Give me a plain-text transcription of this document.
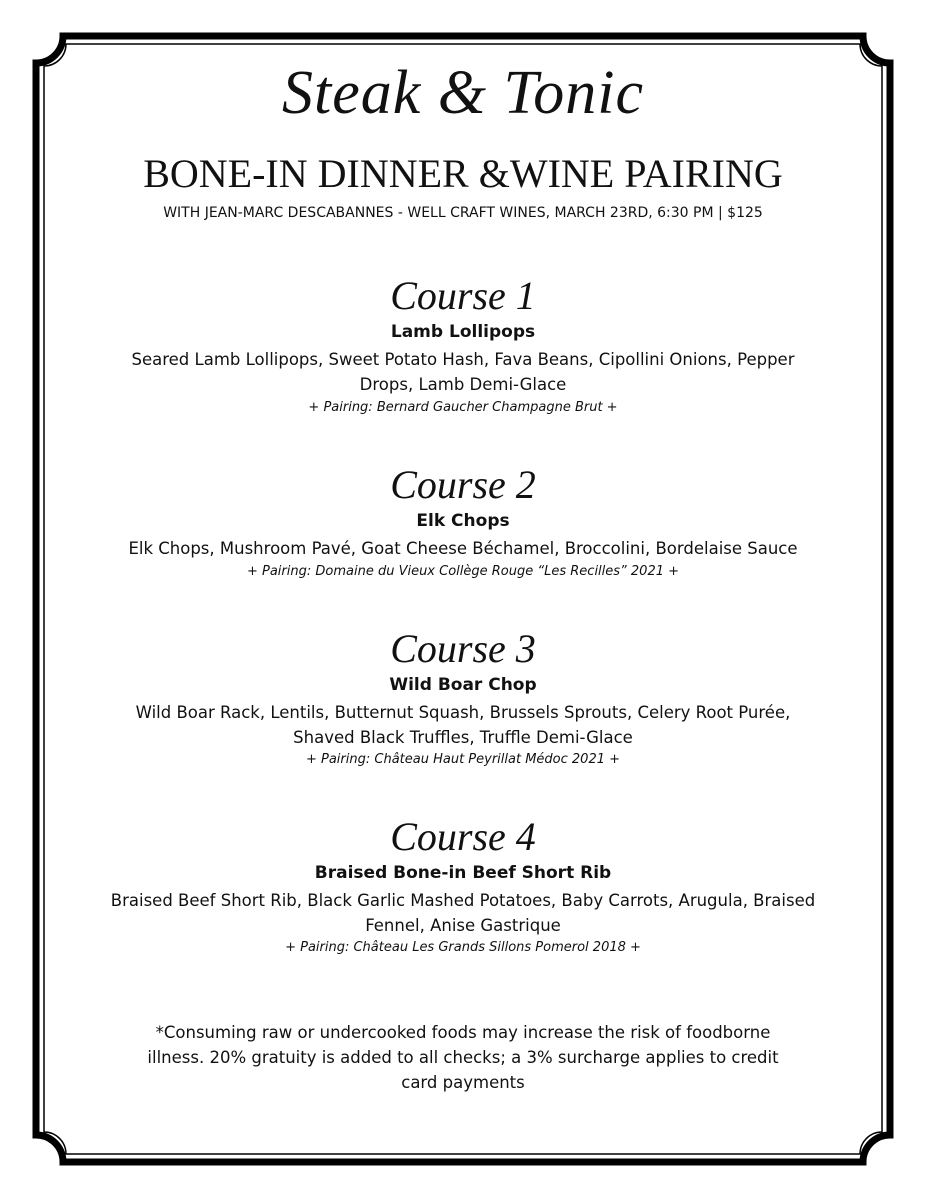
Steak & Tonic
BONE-IN DINNER &WINE PAIRING
WITH JEAN-MARC DESCABANNES - WELL CRAFT WINES, MARCH 23RD, 6:30 PM | $125
Course 1
Lamb Lollipops
Seared Lamb Lollipops, Sweet Potato Hash, Fava Beans, Cipollini Onions, Pepper Drops, Lamb Demi-Glace
+ Pairing: Bernard Gaucher Champagne Brut +
Course 2
Elk Chops
Elk Chops, Mushroom Pavé, Goat Cheese Béchamel, Broccolini, Bordelaise Sauce
+ Pairing: Domaine du Vieux Collège Rouge “Les Recilles” 2021 +
Course 3
Wild Boar Chop
Wild Boar Rack, Lentils, Butternut Squash, Brussels Sprouts, Celery Root Purée, Shaved Black Truffles, Truffle Demi-Glace
+ Pairing: Château Haut Peyrillat Médoc 2021 +
Course 4
Braised Bone-in Beef Short Rib
Braised Beef Short Rib, Black Garlic Mashed Potatoes, Baby Carrots, Arugula, Braised Fennel, Anise Gastrique
+ Pairing: Château Les Grands Sillons Pomerol 2018 +
*Consuming raw or undercooked foods may increase the risk of foodborne illness. 20% gratuity is added to all checks; a 3% surcharge applies to credit card payments
